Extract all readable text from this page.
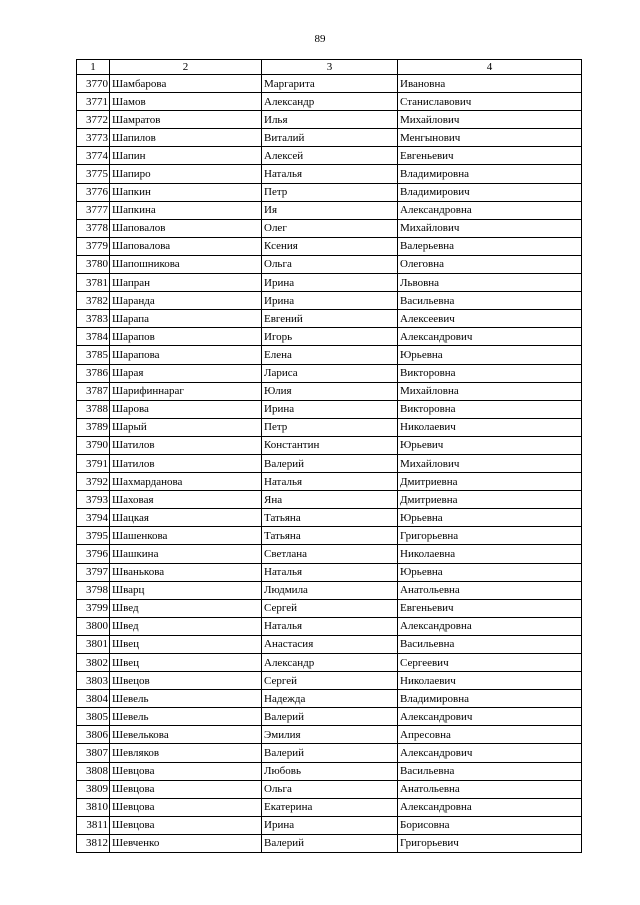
89
1	2	3	4
3770	Шамбарова	Маргарита	Ивановна
3771	Шамов	Александр	Станиславович
3772	Шамратов	Илья	Михайлович
3773	Шапилов	Виталий	Менгынович
3774	Шапин	Алексей	Евгеньевич
3775	Шапиро	Наталья	Владимировна
3776	Шапкин	Петр	Владимирович
3777	Шапкина	Ия	Александровна
3778	Шаповалов	Олег	Михайлович
3779	Шаповалова	Ксения	Валерьевна
3780	Шапошникова	Ольга	Олеговна
3781	Шапран	Ирина	Львовна
3782	Шаранда	Ирина	Васильевна
3783	Шарапа	Евгений	Алексеевич
3784	Шарапов	Игорь	Александрович
3785	Шарапова	Елена	Юрьевна
3786	Шарая	Лариса	Викторовна
3787	Шарифиннараг	Юлия	Михайловна
3788	Шарова	Ирина	Викторовна
3789	Шарый	Петр	Николаевич
3790	Шатилов	Константин	Юрьевич
3791	Шатилов	Валерий	Михайлович
3792	Шахмарданова	Наталья	Дмитриевна
3793	Шаховая	Яна	Дмитриевна
3794	Шацкая	Татьяна	Юрьевна
3795	Шашенкова	Татьяна	Григорьевна
3796	Шашкина	Светлана	Николаевна
3797	Шванькова	Наталья	Юрьевна
3798	Шварц	Людмила	Анатольевна
3799	Швед	Сергей	Евгеньевич
3800	Швед	Наталья	Александровна
3801	Швец	Анастасия	Васильевна
3802	Швец	Александр	Сергеевич
3803	Швецов	Сергей	Николаевич
3804	Шевель	Надежда	Владимировна
3805	Шевель	Валерий	Александрович
3806	Шевелькова	Эмилия	Апресовна
3807	Шевляков	Валерий	Александрович
3808	Шевцова	Любовь	Васильевна
3809	Шевцова	Ольга	Анатольевна
3810	Шевцова	Екатерина	Александровна
3811	Шевцова	Ирина	Борисовна
3812	Шевченко	Валерий	Григорьевич
